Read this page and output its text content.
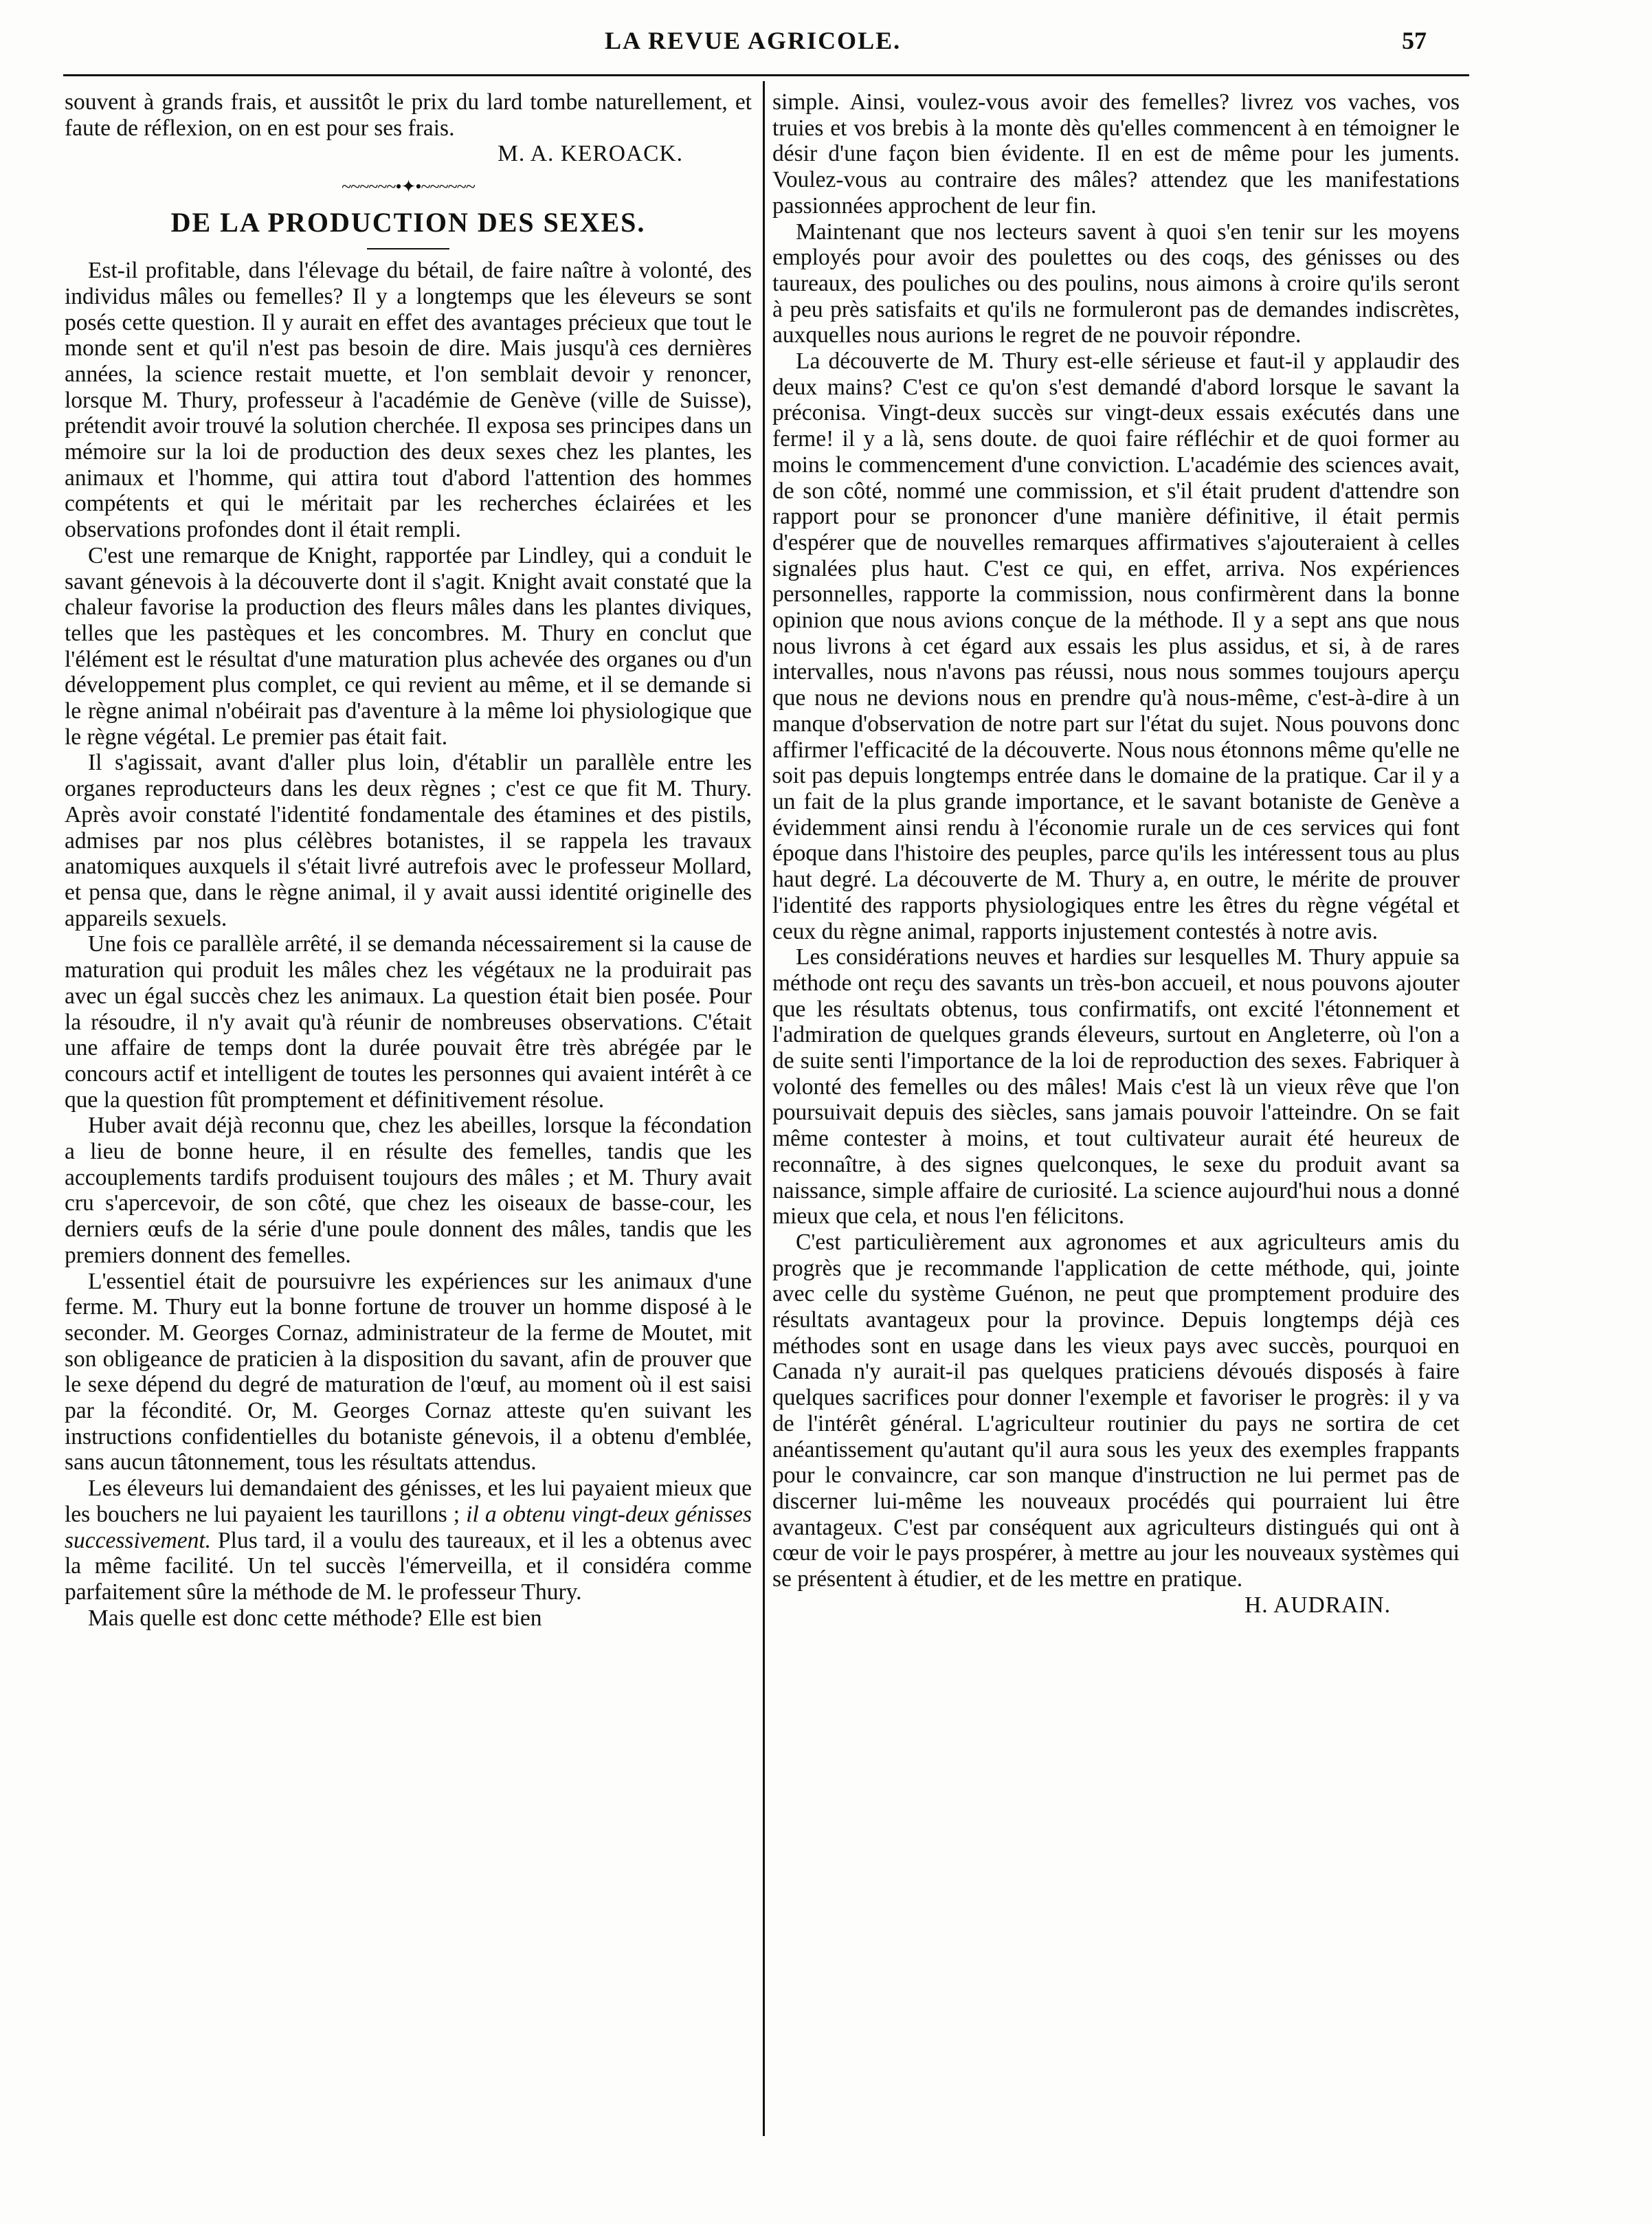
LA REVUE AGRICOLE.	57

souvent à grands frais, et aussitôt le prix du lard tombe naturellement, et faute de réflexion, on en est pour ses frais.

M. A. KEROACK.

~~~~~~•✦•~~~~~~
DE LA PRODUCTION DES SEXES.

Est-il profitable, dans l'élevage du bétail, de faire naître à volonté, des individus mâles ou femelles? Il y a longtemps que les éleveurs se sont posés cette question. Il y aurait en effet des avantages précieux que tout le monde sent et qu'il n'est pas besoin de dire. Mais jusqu'à ces dernières années, la science restait muette, et l'on semblait devoir y renoncer, lorsque M. Thury, professeur à l'académie de Genève (ville de Suisse), prétendit avoir trouvé la solution cherchée. Il exposa ses principes dans un mémoire sur la loi de production des deux sexes chez les plantes, les animaux et l'homme, qui attira tout d'abord l'attention des hommes compétents et qui le méritait par les recherches éclairées et les observations profondes dont il était rempli.

C'est une remarque de Knight, rapportée par Lindley, qui a conduit le savant génevois à la découverte dont il s'agit. Knight avait constaté que la chaleur favorise la production des fleurs mâles dans les plantes diviques, telles que les pastèques et les concombres. M. Thury en conclut que l'élément est le résultat d'une maturation plus achevée des organes ou d'un développement plus complet, ce qui revient au même, et il se demande si le règne animal n'obéirait pas d'aventure à la même loi physiologique que le règne végétal. Le premier pas était fait.

Il s'agissait, avant d'aller plus loin, d'établir un parallèle entre les organes reproducteurs dans les deux règnes ; c'est ce que fit M. Thury. Après avoir constaté l'identité fondamentale des étamines et des pistils, admises par nos plus célèbres botanistes, il se rappela les travaux anatomiques auxquels il s'était livré autrefois avec le professeur Mollard, et pensa que, dans le règne animal, il y avait aussi identité originelle des appareils sexuels.

Une fois ce parallèle arrêté, il se demanda nécessairement si la cause de maturation qui produit les mâles chez les végétaux ne la produirait pas avec un égal succès chez les animaux. La question était bien posée. Pour la résoudre, il n'y avait qu'à réunir de nombreuses observations. C'était une affaire de temps dont la durée pouvait être très abrégée par le concours actif et intelligent de toutes les personnes qui avaient intérêt à ce que la question fût promptement et définitivement résolue.

Huber avait déjà reconnu que, chez les abeilles, lorsque la fécondation a lieu de bonne heure, il en résulte des femelles, tandis que les accouplements tardifs produisent toujours des mâles ; et M. Thury avait cru s'apercevoir, de son côté, que chez les oiseaux de basse-cour, les derniers œufs de la série d'une poule donnent des mâles, tandis que les premiers donnent des femelles.

L'essentiel était de poursuivre les expériences sur les animaux d'une ferme. M. Thury eut la bonne fortune de trouver un homme disposé à le seconder. M. Georges Cornaz, administrateur de la ferme de Moutet, mit son obligeance de praticien à la disposition du savant, afin de prouver que le sexe dépend du degré de maturation de l'œuf, au moment où il est saisi par la fécondité. Or, M. Georges Cornaz atteste qu'en suivant les instructions confidentielles du botaniste génevois, il a obtenu d'emblée, sans aucun tâtonnement, tous les résultats attendus.

Les éleveurs lui demandaient des génisses, et les lui payaient mieux que les bouchers ne lui payaient les taurillons ; il a obtenu vingt-deux génisses successivement. Plus tard, il a voulu des taureaux, et il les a obtenus avec la même facilité. Un tel succès l'émerveilla, et il considéra comme parfaitement sûre la méthode de M. le professeur Thury.

Mais quelle est donc cette méthode? Elle est bien

simple. Ainsi, voulez-vous avoir des femelles? livrez vos vaches, vos truies et vos brebis à la monte dès qu'elles commencent à en témoigner le désir d'une façon bien évidente. Il en est de même pour les juments. Voulez-vous au contraire des mâles? attendez que les manifestations passionnées approchent de leur fin.

Maintenant que nos lecteurs savent à quoi s'en tenir sur les moyens employés pour avoir des poulettes ou des coqs, des génisses ou des taureaux, des pouliches ou des poulins, nous aimons à croire qu'ils seront à peu près satisfaits et qu'ils ne formuleront pas de demandes indiscrètes, auxquelles nous aurions le regret de ne pouvoir répondre.

La découverte de M. Thury est-elle sérieuse et faut-il y applaudir des deux mains? C'est ce qu'on s'est demandé d'abord lorsque le savant la préconisa. Vingt-deux succès sur vingt-deux essais exécutés dans une ferme! il y a là, sens doute. de quoi faire réfléchir et de quoi former au moins le commencement d'une conviction. L'académie des sciences avait, de son côté, nommé une commission, et s'il était prudent d'attendre son rapport pour se prononcer d'une manière définitive, il était permis d'espérer que de nouvelles remarques affirmatives s'ajouteraient à celles signalées plus haut. C'est ce qui, en effet, arriva. Nos expériences personnelles, rapporte la commission, nous confirmèrent dans la bonne opinion que nous avions conçue de la méthode. Il y a sept ans que nous nous livrons à cet égard aux essais les plus assidus, et si, à de rares intervalles, nous n'avons pas réussi, nous nous sommes toujours aperçu que nous ne devions nous en prendre qu'à nous-même, c'est-à-dire à un manque d'observation de notre part sur l'état du sujet. Nous pouvons donc affirmer l'efficacité de la découverte. Nous nous étonnons même qu'elle ne soit pas depuis longtemps entrée dans le domaine de la pratique. Car il y a un fait de la plus grande importance, et le savant botaniste de Genève a évidemment ainsi rendu à l'économie rurale un de ces services qui font époque dans l'histoire des peuples, parce qu'ils les intéressent tous au plus haut degré. La découverte de M. Thury a, en outre, le mérite de prouver l'identité des rapports physiologiques entre les êtres du règne végétal et ceux du règne animal, rapports injustement contestés à notre avis.

Les considérations neuves et hardies sur lesquelles M. Thury appuie sa méthode ont reçu des savants un très-bon accueil, et nous pouvons ajouter que les résultats obtenus, tous confirmatifs, ont excité l'étonnement et l'admiration de quelques grands éleveurs, surtout en Angleterre, où l'on a de suite senti l'importance de la loi de reproduction des sexes. Fabriquer à volonté des femelles ou des mâles! Mais c'est là un vieux rêve que l'on poursuivait depuis des siècles, sans jamais pouvoir l'atteindre. On se fait même contester à moins, et tout cultivateur aurait été heureux de reconnaître, à des signes quelconques, le sexe du produit avant sa naissance, simple affaire de curiosité. La science aujourd'hui nous a donné mieux que cela, et nous l'en félicitons.

C'est particulièrement aux agronomes et aux agriculteurs amis du progrès que je recommande l'application de cette méthode, qui, jointe avec celle du système Guénon, ne peut que promptement produire des résultats avantageux pour la province. Depuis longtemps déjà ces méthodes sont en usage dans les vieux pays avec succès, pourquoi en Canada n'y aurait-il pas quelques praticiens dévoués disposés à faire quelques sacrifices pour donner l'exemple et favoriser le progrès: il y va de l'intérêt général. L'agriculteur routinier du pays ne sortira de cet anéantissement qu'autant qu'il aura sous les yeux des exemples frappants pour le convaincre, car son manque d'instruction ne lui permet pas de discerner lui-même les nouveaux procédés qui pourraient lui être avantageux. C'est par conséquent aux agriculteurs distingués qui ont à cœur de voir le pays prospérer, à mettre au jour les nouveaux systèmes qui se présentent à étudier, et de les mettre en pratique.

H. AUDRAIN.
